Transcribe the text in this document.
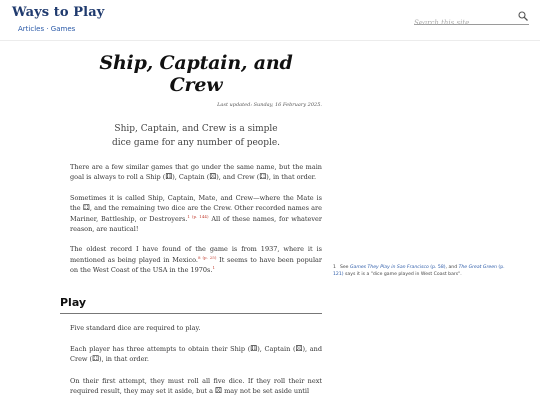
Ways to Play
Articles · Games
Search this site
Ship, Captain, and Crew
Last updated: Sunday, 16 February 2025.
Ship, Captain, and Crew is a simple
dice game for any number of people.

There are a few similar games that go under the same name, but the main goal is always to roll a Ship (⚅), Captain (⚄), and Crew (⚃), in that order.

Sometimes it is called Ship, Captain, Mate, and Crew—where the Mate is the ⚃, and the remaining two dice are the Crew. Other recorded names are Mariner, Battleship, or Destroyers.$^{1 (p. 144)}$ All of these names, for whatever reason, are nautical!

The oldest record I have found of the game is from 1937, where it is mentioned as being played in Mexico.$^{8 (p. 25)}$ It seems to have been popular on the West Coast of the USA in the 1970s.$^1$

Play

Five standard dice are required to play.

Each player has three attempts to obtain their Ship (⚅), Captain (⚄), and Crew (⚃), in that order.

On their first attempt, they must roll all five dice. If they roll their next required result, they may set it aside, but a ⚄ may not be set aside until

1 See Games They Play in San Francisco (p. 58), and The Great Green (p. 121) says it is a "dice game played in West Coast bars".
